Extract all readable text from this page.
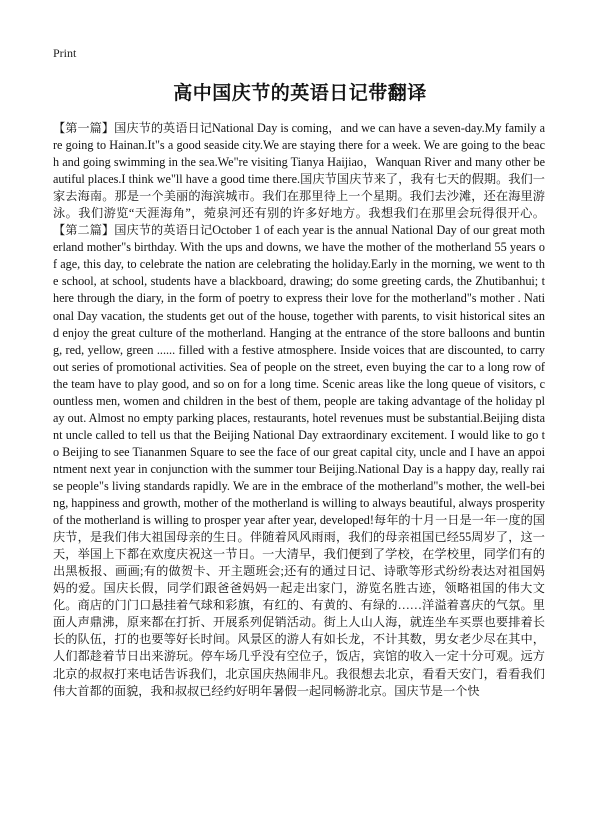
Print
高中国庆节的英语日记带翻译

【第一篇】国庆节的英语日记National Day is coming，and we can have a seven-day.My family are going to Hainan.It"s a good seaside city.We are staying there for a week. We are going to the beach and going swimming in the sea.We"re visiting Tianya Haijiao，Wanquan River and many other beautiful places.I think we"ll have a good time there.国庆节国庆节来了，我有七天的假期。我们一家去海南。那是一个美丽的海滨城市。我们在那里待上一个星期。我们去沙滩，还在海里游泳。我们游览“天涯海角”，菀泉河还有别的许多好地方。我想我们在那里会玩得很开心。【第二篇】国庆节的英语日记October 1 of each year is the annual National Day of our great motherland mother"s birthday. With the ups and downs, we have the mother of the motherland 55 years of age, this day, to celebrate the nation are celebrating the holiday.Early in the morning, we went to the school, at school, students have a blackboard, drawing; do some greeting cards, the Zhutibanhui; there through the diary, in the form of poetry to express their love for the motherland"s mother . National Day vacation, the students get out of the house, together with parents, to visit historical sites and enjoy the great culture of the motherland. Hanging at the entrance of the store balloons and bunting, red, yellow, green ...... filled with a festive atmosphere. Inside voices that are discounted, to carry out series of promotional activities. Sea of people on the street, even buying the car to a long row of the team have to play good, and so on for a long time. Scenic areas like the long queue of visitors, countless men, women and children in the best of them, people are taking advantage of the holiday play out. Almost no empty parking places, restaurants, hotel revenues must be substantial.Beijing distant uncle called to tell us that the Beijing National Day extraordinary excitement. I would like to go to Beijing to see Tiananmen Square to see the face of our great capital city, uncle and I have an appointment next year in conjunction with the summer tour Beijing.National Day is a happy day, really raise people"s living standards rapidly. We are in the embrace of the motherland"s mother, the well-being, happiness and growth, mother of the motherland is willing to always beautiful, always prosperity of the motherland is willing to prosper year after year, developed!每年的十月一日是一年一度的国庆节，是我们伟大祖国母亲的生日。伴随着风风雨雨，我们的母亲祖国已经55周岁了，这一天，举国上下都在欢度庆祝这一节日。一大清早，我们便到了学校，在学校里，同学们有的出黑板报、画画;有的做贺卡、开主题班会;还有的通过日记、诗歌等形式纷纷表达对祖国妈妈的爱。国庆长假，同学们跟爸爸妈妈一起走出家门，游览名胜古迹，领略祖国的伟大文化。商店的门门口悬挂着气球和彩旗，有红的、有黄的、有绿的……洋溢着喜庆的气氛。里面人声鼎沸，原来都在打折、开展系列促销活动。街上人山人海，就连坐车买票也要排着长长的队伍，打的也要等好长时间。风景区的游人有如长龙，不计其数，男女老少尽在其中，人们都趁着节日出来游玩。停车场几乎没有空位子，饭店，宾馆的收入一定十分可观。远方北京的叔叔打来电话告诉我们，北京国庆热闹非凡。我很想去北京，看看天安门，看看我们伟大首都的面貌，我和叔叔已经约好明年暑假一起同畅游北京。国庆节是一个快
